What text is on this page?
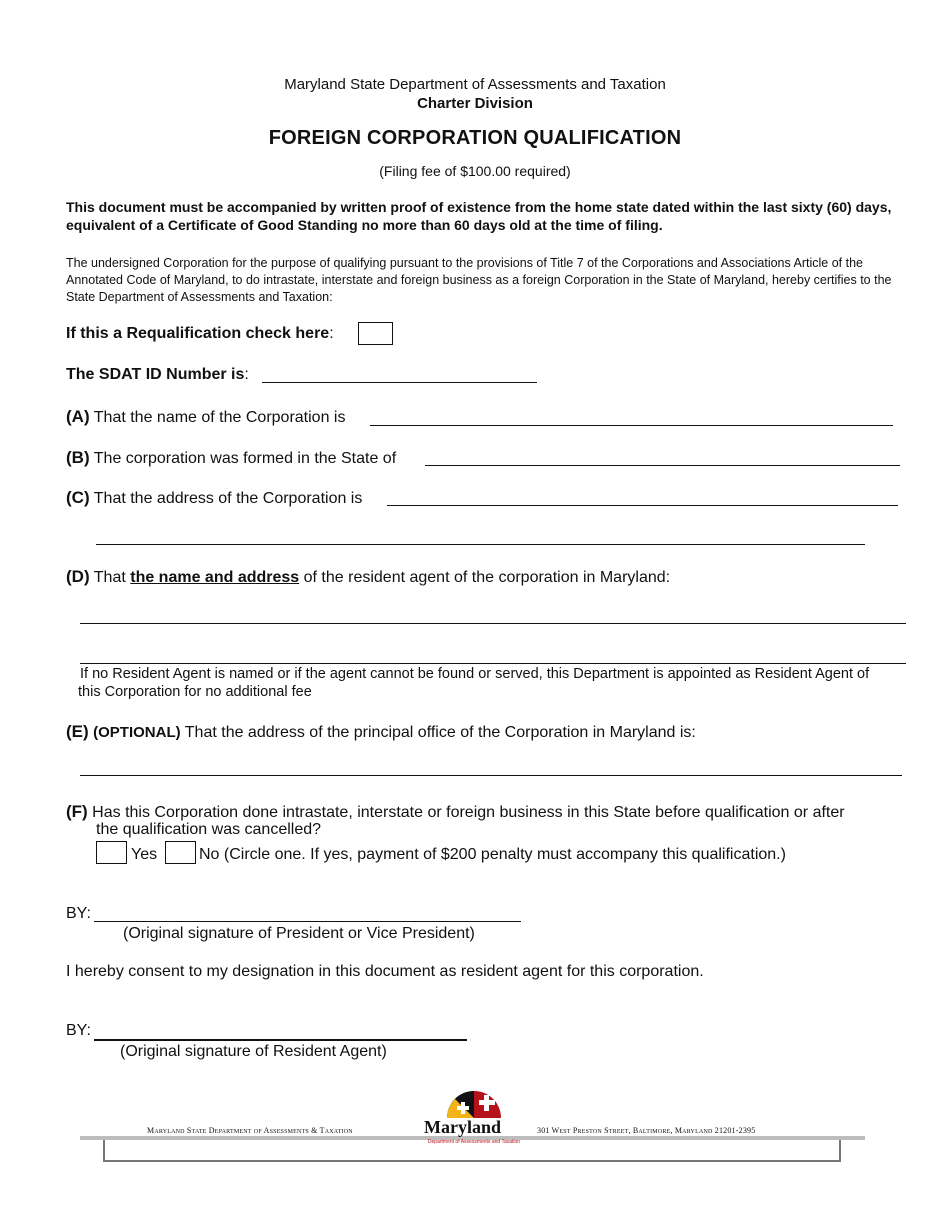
Maryland State Department of Assessments and Taxation
Charter Division
FOREIGN CORPORATION QUALIFICATION
(Filing fee of $100.00 required)
This document must be accompanied by written proof of existence from the home state dated within the last sixty (60) days, equivalent of a Certificate of Good Standing no more than 60 days old at the time of filing.
The undersigned Corporation for the purpose of qualifying pursuant to the provisions of Title 7 of the Corporations and Associations Article of the Annotated Code of Maryland, to do intrastate, interstate and foreign business as a foreign Corporation in the State of Maryland, hereby certifies to the State Department of Assessments and Taxation:
If this a Requalification check here:
The SDAT ID Number is:
(A) That the name of the Corporation is
(B) The corporation was formed in the State of
(C) That the address of the Corporation is
(D) That the name and address of the resident agent of the corporation in Maryland:
If no Resident Agent is named or if the agent cannot be found or served, this Department is appointed as Resident Agent of this Corporation for no additional fee
(E) (OPTIONAL) That the address of the principal office of the Corporation in Maryland is:
(F) Has this Corporation done intrastate, interstate or foreign business in this State before qualification or after
the qualification was cancelled?
Yes	No (Circle one. If yes, payment of $200 penalty must accompany this qualification.)
BY:
(Original signature of President or Vice President)
I hereby consent to my designation in this document as resident agent for this corporation.
BY:
(Original signature of Resident Agent)
Maryland State Department of Assessments & Taxation	301 West Preston Street, Baltimore, Maryland 21201-2395
Maryland
Department of Assessments and Taxation
